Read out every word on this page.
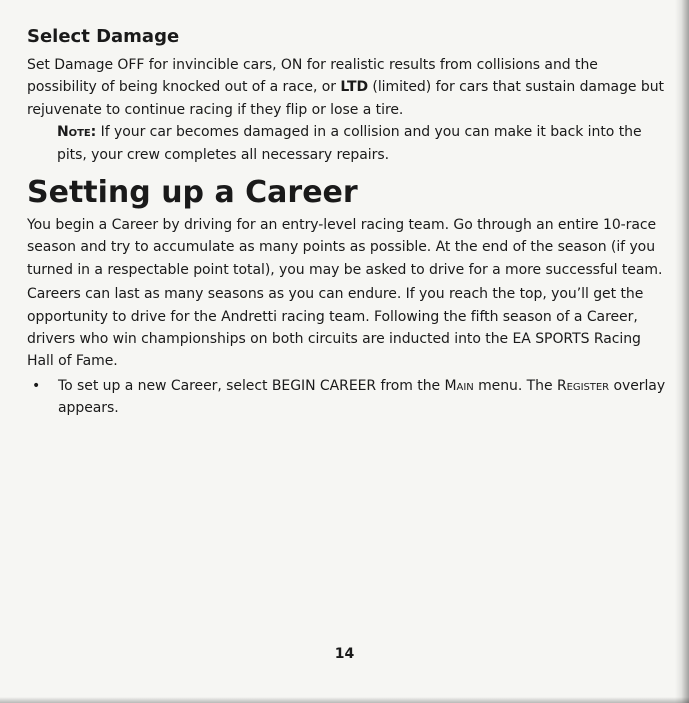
Select Damage

Set Damage OFF for invincible cars, ON for realistic results from collisions and the possibility of being knocked out of a race, or LTD (limited) for cars that sustain damage but rejuvenate to continue racing if they flip or lose a tire.

Note: If your car becomes damaged in a collision and you can make it back into the pits, your crew completes all necessary repairs.

Setting up a Career

You begin a Career by driving for an entry-level racing team. Go through an entire 10-race season and try to accumulate as many points as possible. At the end of the season (if you turned in a respectable point total), you may be asked to drive for a more successful team.

Careers can last as many seasons as you can endure. If you reach the top, you’ll get the opportunity to drive for the Andretti racing team. Following the fifth season of a Career, drivers who win championships on both circuits are inducted into the EA SPORTS Racing Hall of Fame.

• To set up a new Career, select BEGIN CAREER from the Main menu. The Register overlay appears.

14
